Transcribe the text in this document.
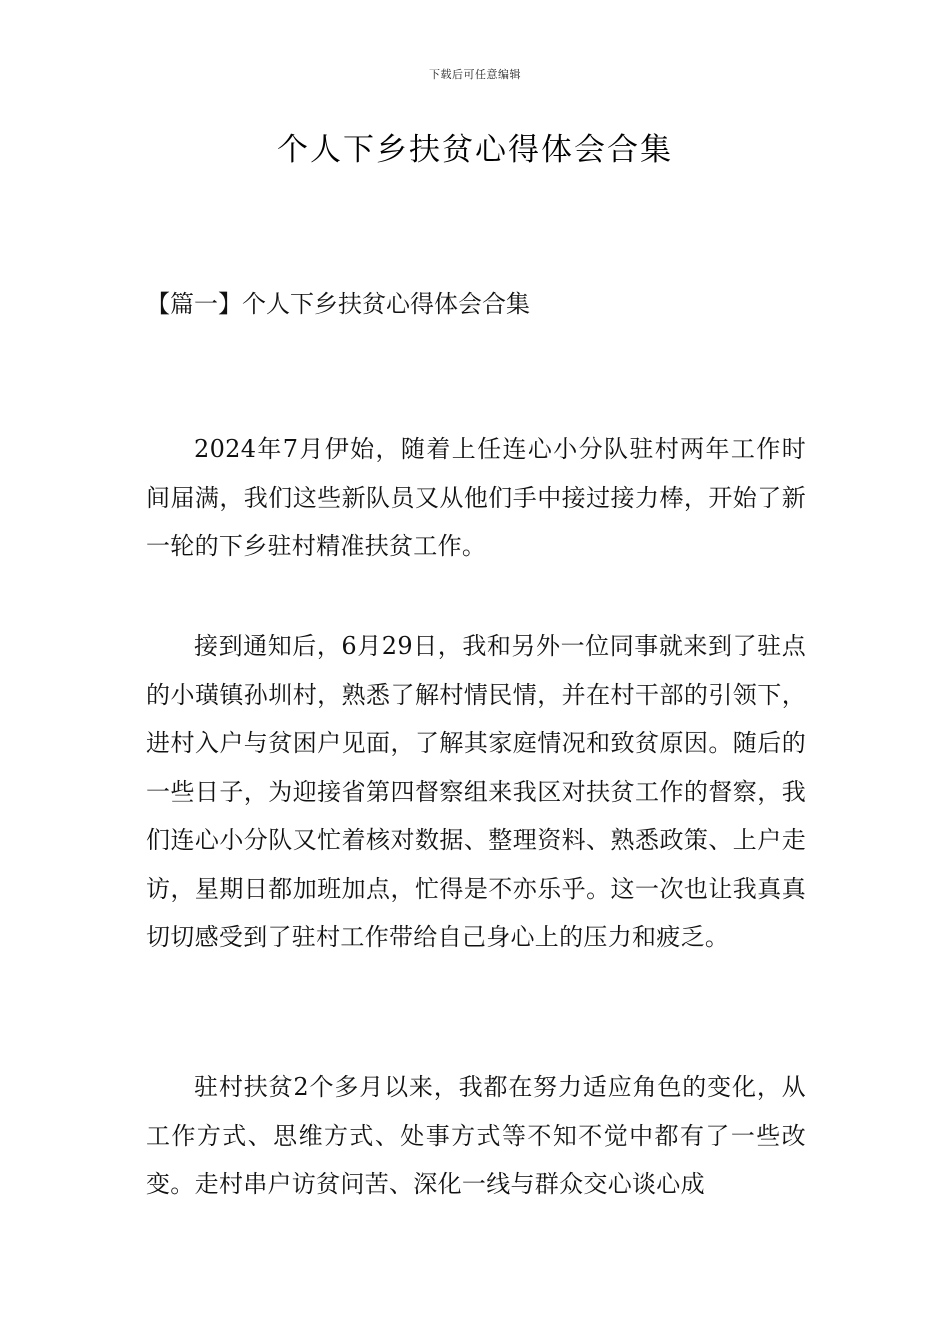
下载后可任意编辑
个人下乡扶贫心得体会合集
【篇一】个人下乡扶贫心得体会合集

2024年7月伊始，随着上任连心小分队驻村两年工作时间届满，我们这些新队员又从他们手中接过接力棒，开始了新一轮的下乡驻村精准扶贫工作。

接到通知后，6月29日，我和另外一位同事就来到了驻点的小璜镇孙圳村，熟悉了解村情民情，并在村干部的引领下，进村入户与贫困户见面，了解其家庭情况和致贫原因。随后的一些日子，为迎接省第四督察组来我区对扶贫工作的督察，我们连心小分队又忙着核对数据、整理资料、熟悉政策、上户走访，星期日都加班加点，忙得是不亦乐乎。这一次也让我真真切切感受到了驻村工作带给自己身心上的压力和疲乏。

驻村扶贫2个多月以来，我都在努力适应角色的变化，从工作方式、思维方式、处事方式等不知不觉中都有了一些改变。走村串户访贫问苦、深化一线与群众交心谈心成
